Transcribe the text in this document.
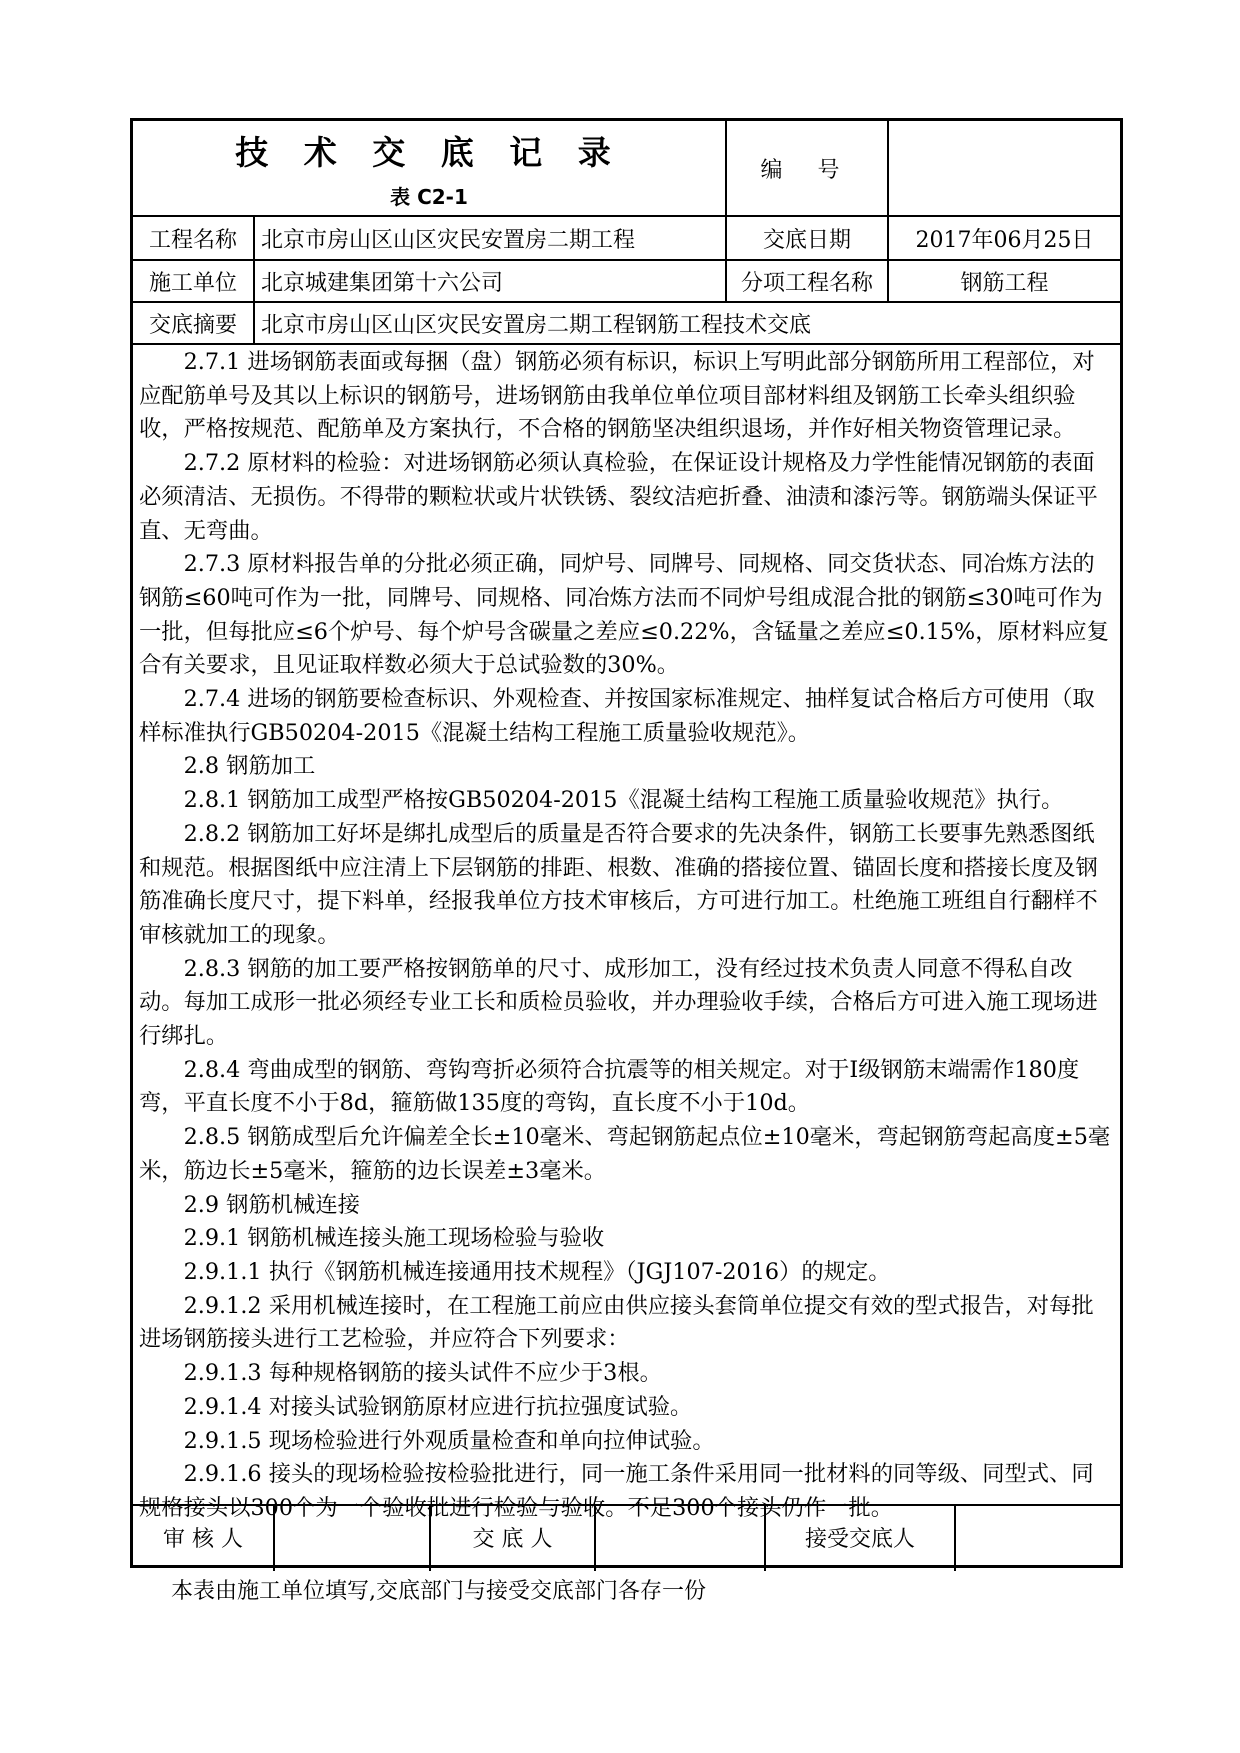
技 术 交 底 记 录
表 C2-1
编 号
工程名称	北京市房山区山区灾民安置房二期工程	交底日期	2017年06月25日
施工单位	北京城建集团第十六公司	分项工程名称	钢筋工程
交底摘要	北京市房山区山区灾民安置房二期工程钢筋工程技术交底

2.7.1 进场钢筋表面或每捆（盘）钢筋必须有标识，标识上写明此部分钢筋所用工程部位，对应配筋单号及其以上标识的钢筋号，进场钢筋由我单位单位项目部材料组及钢筋工长牵头组织验收，严格按规范、配筋单及方案执行，不合格的钢筋坚决组织退场，并作好相关物资管理记录。

2.7.2 原材料的检验：对进场钢筋必须认真检验，在保证设计规格及力学性能情况钢筋的表面必须清洁、无损伤。不得带的颗粒状或片状铁锈、裂纹洁疤折叠、油渍和漆污等。钢筋端头保证平直、无弯曲。

2.7.3 原材料报告单的分批必须正确，同炉号、同牌号、同规格、同交货状态、同冶炼方法的钢筋≤60吨可作为一批，同牌号、同规格、同冶炼方法而不同炉号组成混合批的钢筋≤30吨可作为一批，但每批应≤6个炉号、每个炉号含碳量之差应≤0.22%，含锰量之差应≤0.15%，原材料应复合有关要求，且见证取样数必须大于总试验数的30%。

2.7.4 进场的钢筋要检查标识、外观检查、并按国家标准规定、抽样复试合格后方可使用（取样标准执行GB50204-2015《混凝土结构工程施工质量验收规范》。

2.8 钢筋加工

2.8.1 钢筋加工成型严格按GB50204-2015《混凝土结构工程施工质量验收规范》执行。

2.8.2 钢筋加工好坏是绑扎成型后的质量是否符合要求的先决条件，钢筋工长要事先熟悉图纸和规范。根据图纸中应注清上下层钢筋的排距、根数、准确的搭接位置、锚固长度和搭接长度及钢筋准确长度尺寸，提下料单，经报我单位方技术审核后，方可进行加工。杜绝施工班组自行翻样不审核就加工的现象。

2.8.3 钢筋的加工要严格按钢筋单的尺寸、成形加工，没有经过技术负责人同意不得私自改动。每加工成形一批必须经专业工长和质检员验收，并办理验收手续，合格后方可进入施工现场进行绑扎。

2.8.4 弯曲成型的钢筋、弯钩弯折必须符合抗震等的相关规定。对于Ⅰ级钢筋末端需作180度弯，平直长度不小于8d，箍筋做135度的弯钩，直长度不小于10d。

2.8.5 钢筋成型后允许偏差全长±10毫米、弯起钢筋起点位±10毫米，弯起钢筋弯起高度±5毫米，筋边长±5毫米，箍筋的边长误差±3毫米。

2.9 钢筋机械连接

2.9.1 钢筋机械连接头施工现场检验与验收

2.9.1.1 执行《钢筋机械连接通用技术规程》（JGJ107-2016）的规定。

2.9.1.2 采用机械连接时，在工程施工前应由供应接头套筒单位提交有效的型式报告，对每批进场钢筋接头进行工艺检验，并应符合下列要求：

2.9.1.3 每种规格钢筋的接头试件不应少于3根。

2.9.1.4 对接头试验钢筋原材应进行抗拉强度试验。

2.9.1.5 现场检验进行外观质量检查和单向拉伸试验。

2.9.1.6 接头的现场检验按检验批进行，同一施工条件采用同一批材料的同等级、同型式、同规格接头以300个为一个验收批进行检验与验收。不足300个接头仍作一批。

审 核 人	交 底 人	接受交底人
本表由施工单位填写,交底部门与接受交底部门各存一份
